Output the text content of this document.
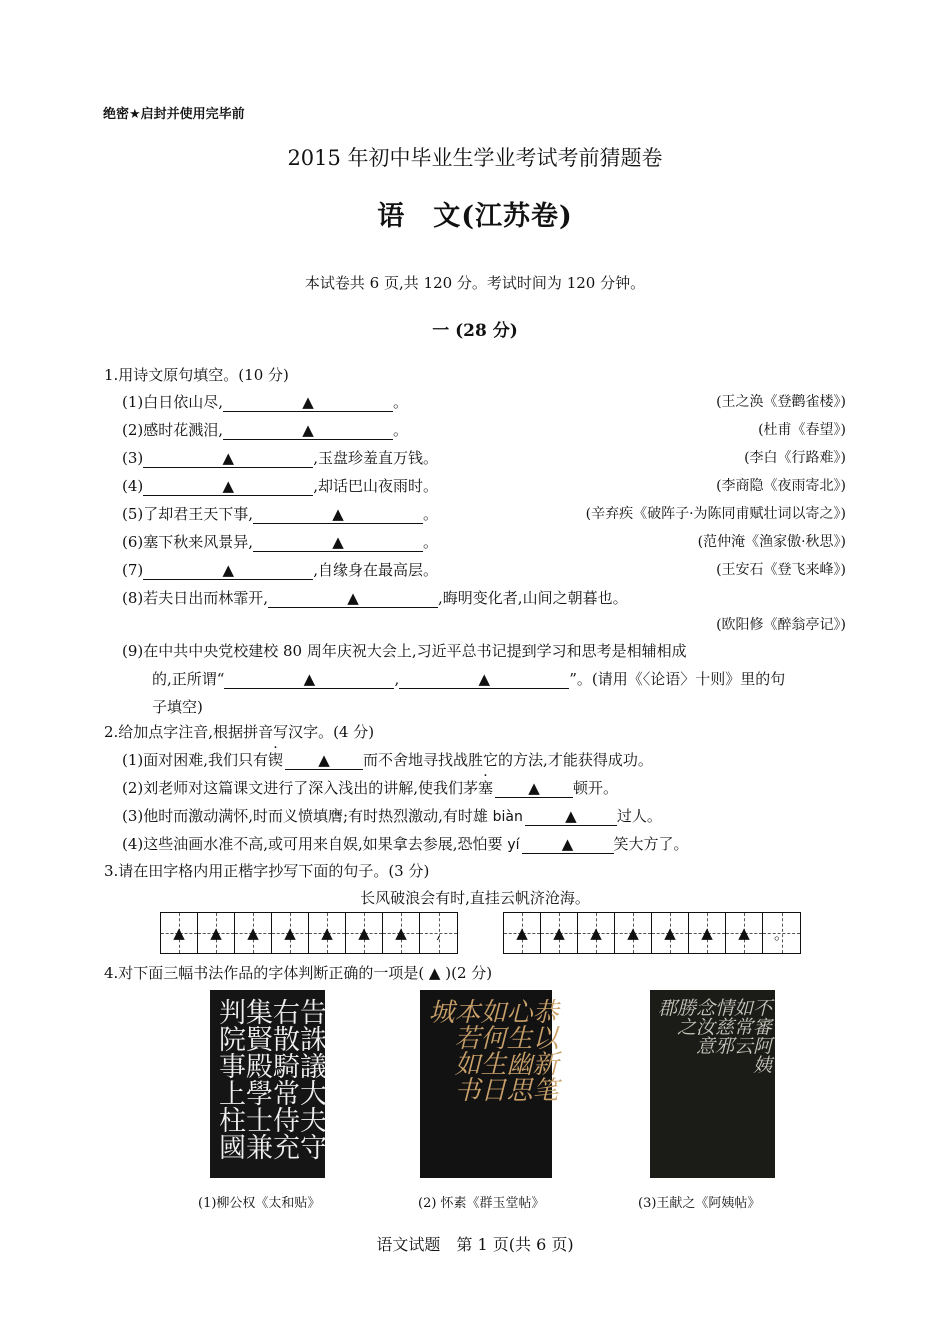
绝密★启封并使用完毕前
2015 年初中毕业生学业考试考前猜题卷
语　文(江苏卷)
本试卷共 6 页,共 120 分。考试时间为 120 分钟。
一 (28 分)
1.用诗文原句填空。(10 分)
(1)白日依山尽,	▲	。	(王之涣《登鹳雀楼》)
(2)感时花溅泪,	▲	。	(杜甫《春望》)
(3)	▲	,玉盘珍羞直万钱。	(李白《行路难》)
(4)	▲	,却话巴山夜雨时。	(李商隐《夜雨寄北》)
(5)了却君王天下事,	▲	。	(辛弃疾《破阵子·为陈同甫赋壮词以寄之》)
(6)塞下秋来风景异,	▲	。	(范仲淹《渔家傲·秋思》)
(7)	▲	,自缘身在最高层。	(王安石《登飞来峰》)
(8)若夫日出而林霏开,	▲	,晦明变化者,山间之朝暮也。
(欧阳修《醉翁亭记》)
(9)在中共中央党校建校 80 周年庆祝大会上,习近平总书记提到学习和思考是相辅相成
的,正所谓“	▲	,	▲	”。(请用《〈论语〉十则》里的句
子填空)
2.给加点字注音,根据拼音写汉字。(4 分)
(1)面对困难,我们只有锲 ▲ 而不舍地寻找战胜它的方法,才能获得成功。
(2)刘老师对这篇课文进行了深入浅出的讲解,使我们茅塞 ▲ 顿开。
(3)他时而激动满怀,时而义愤填膺;有时热烈激动,有时雄 biàn	▲	过人。
(4)这些油画水准不高,或可用来自娱,如果拿去参展,恐怕要 yí	▲	笑大方了。
3.请在田字格内用正楷字抄写下面的句子。(3 分)
长风破浪会有时,直挂云帆济沧海。
▲ ▲ ▲ ▲ ▲ ▲ ▲ ,	▲ ▲ ▲ ▲ ▲ ▲ ▲ 。
4.对下面三幅书法作品的字体判断正确的一项是( ▲ )(2 分)
告誅議大夫守
右散騎常侍充
集賢殿學士兼
判院事上柱國
(1)柳公权《太和贴》
恭以新笔
心生幽思
如何生日
本若如书
城
(2) 怀素《群玉堂帖》
不審阿姨
如常云
情慈邪
念汝意
勝之
郡
(3)王献之《阿姨帖》
语文试题　第 1 页(共 6 页)
